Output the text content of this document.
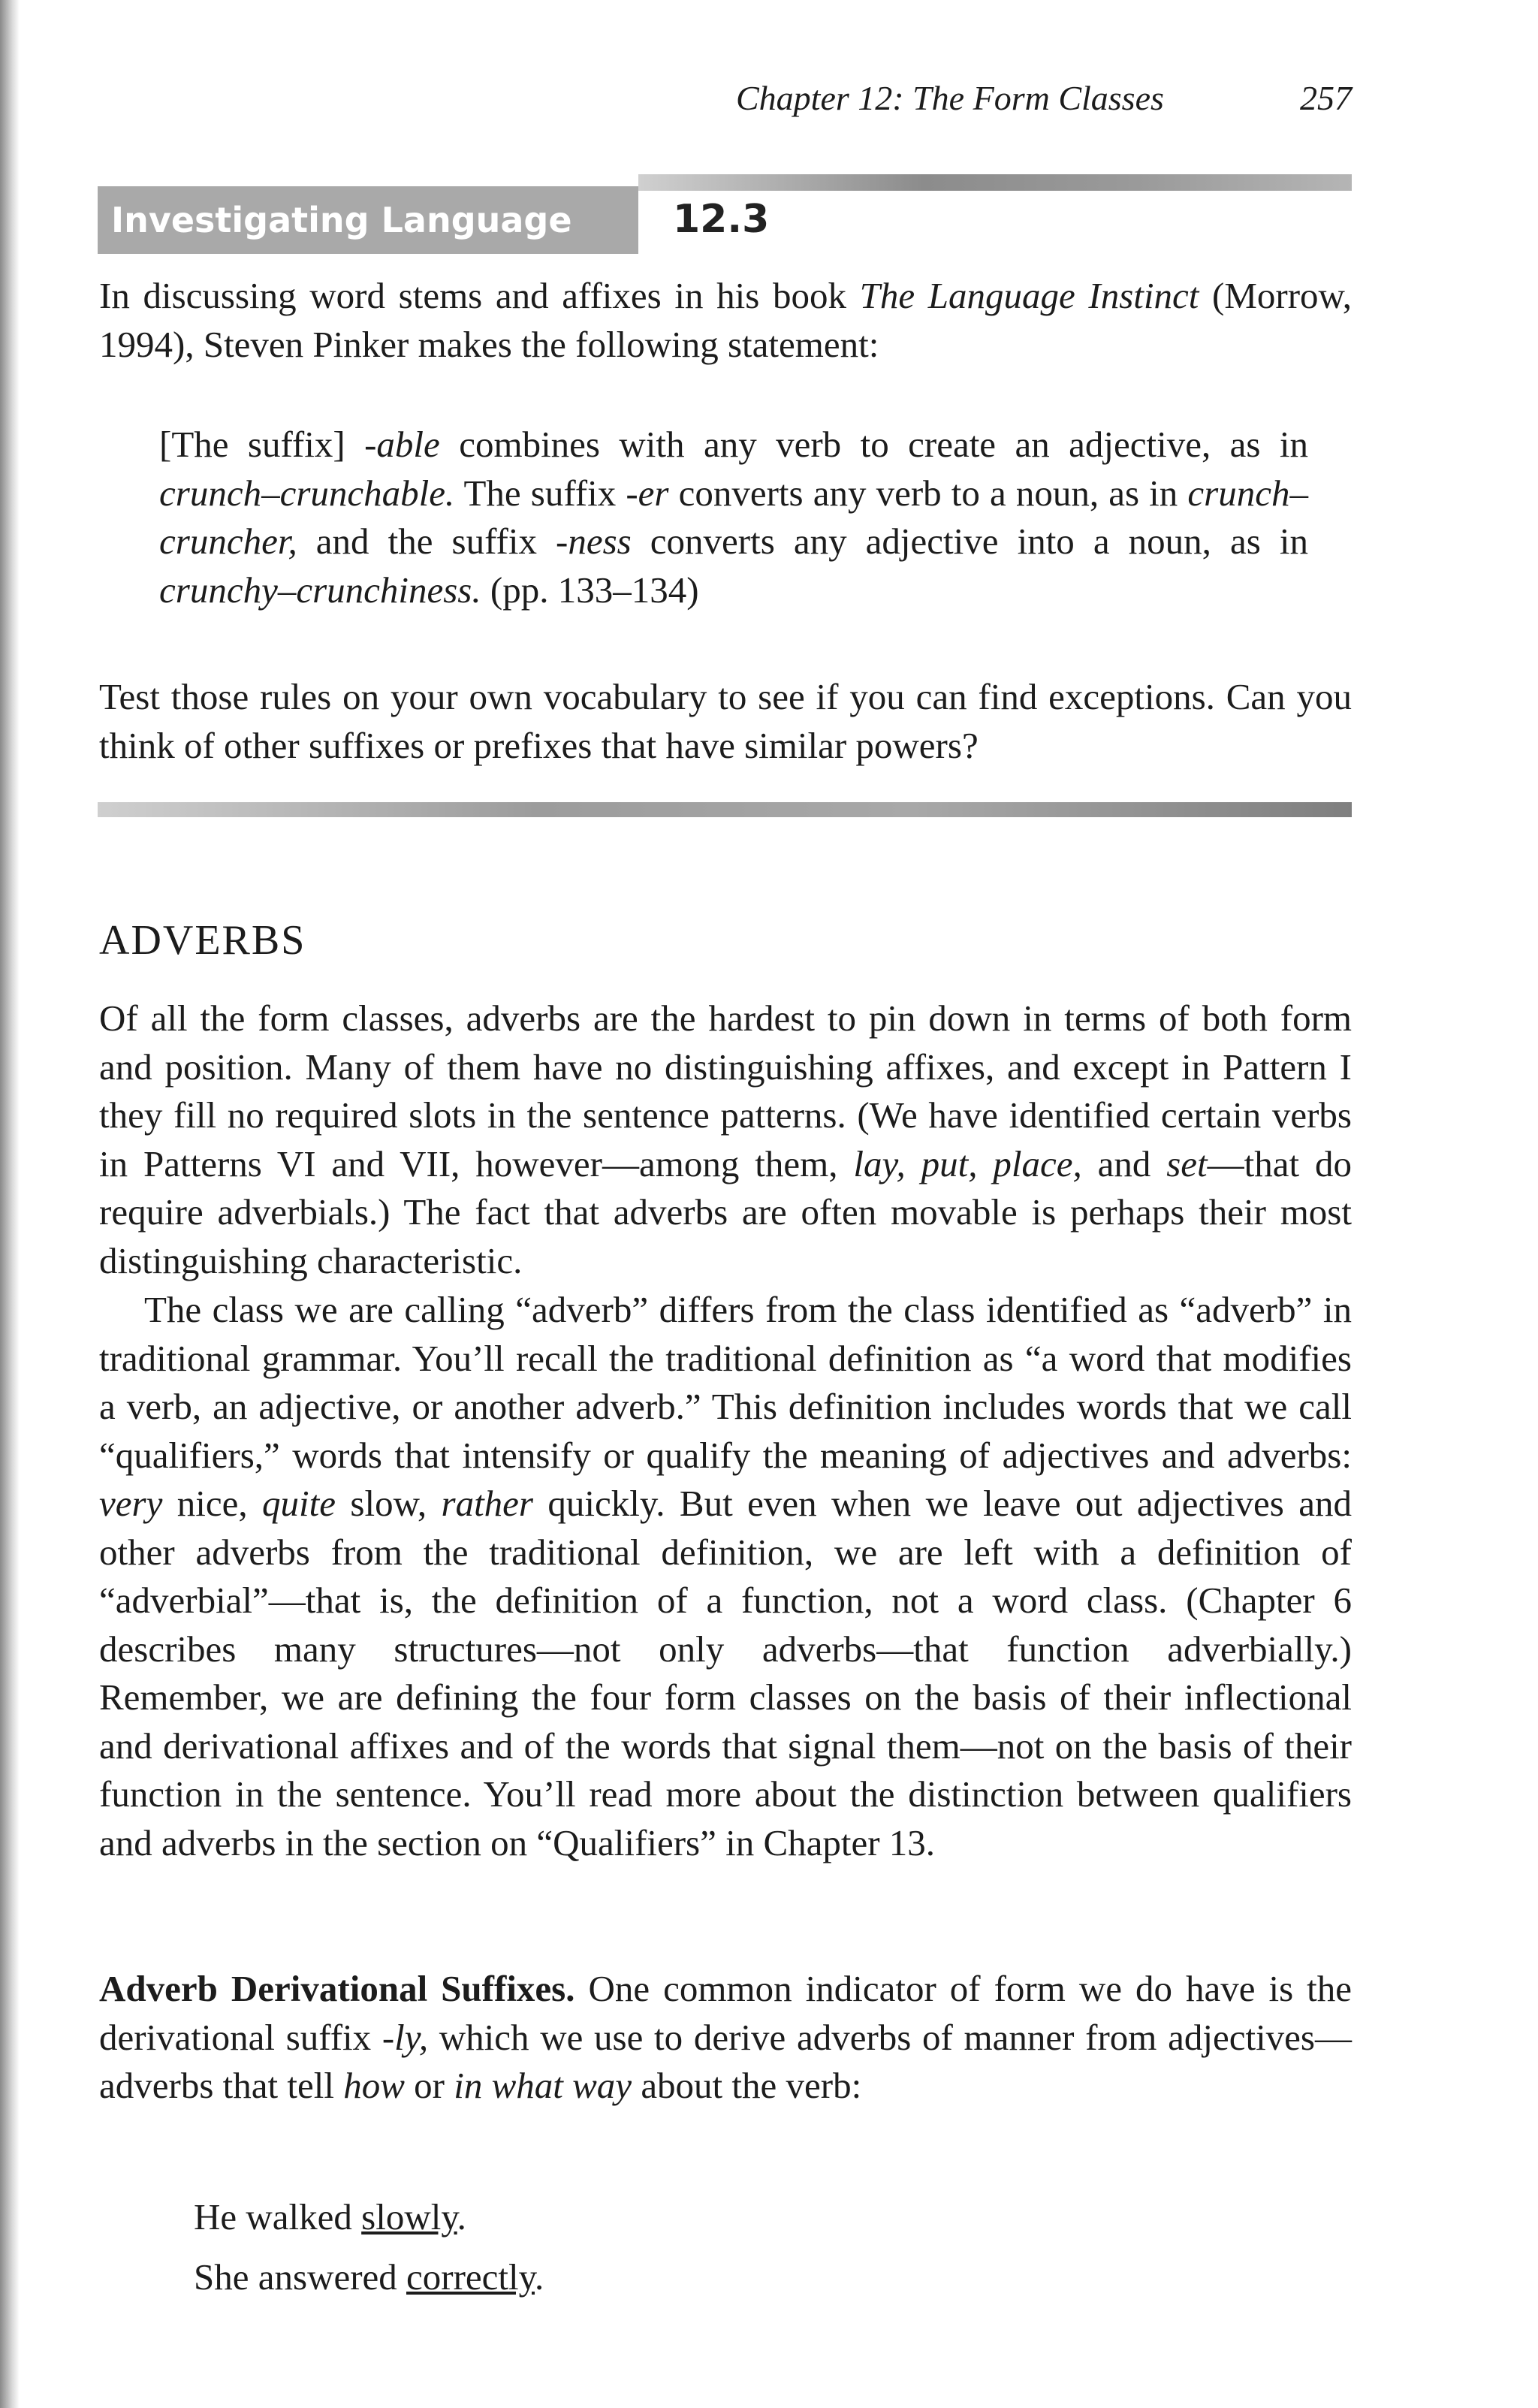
Chapter 12: The Form Classes	257
Investigating Language	12.3

In discussing word stems and affixes in his book The Language Instinct (Morrow, 1994), Steven Pinker makes the following statement:

[The suffix] -able combines with any verb to create an adjective, as in crunch–crunchable. The suffix -er converts any verb to a noun, as in crunch–cruncher, and the suffix -ness converts any adjective into a noun, as in crunchy–crunchiness. (pp. 133–134)

Test those rules on your own vocabulary to see if you can find exceptions. Can you think of other suffixes or prefixes that have similar powers?

ADVERBS

Of all the form classes, adverbs are the hardest to pin down in terms of both form and position. Many of them have no distinguishing affixes, and except in Pattern I they fill no required slots in the sentence patterns. (We have identified certain verbs in Patterns VI and VII, however—among them, lay, put, place, and set—that do require adverbials.) The fact that adverbs are often movable is perhaps their most distinguishing characteristic.

The class we are calling “adverb” differs from the class identified as “adverb” in traditional grammar. You’ll recall the traditional definition as “a word that modifies a verb, an adjective, or another adverb.” This definition includes words that we call “qualifiers,” words that intensify or qualify the meaning of adjectives and adverbs: very nice, quite slow, rather quickly. But even when we leave out adjectives and other adverbs from the traditional definition, we are left with a definition of “adverbial”—that is, the definition of a function, not a word class. (Chapter 6 describes many structures—not only adverbs—that function adverbially.) Remember, we are defining the four form classes on the basis of their inflectional and derivational affixes and of the words that signal them—not on the basis of their function in the sentence. You’ll read more about the distinction between qualifiers and adverbs in the section on “Qualifiers” in Chapter 13.

Adverb Derivational Suffixes. One common indicator of form we do have is the derivational suffix -ly, which we use to derive adverbs of manner from adjectives—adverbs that tell how or in what way about the verb:

He walked slowly.

She answered correctly.
